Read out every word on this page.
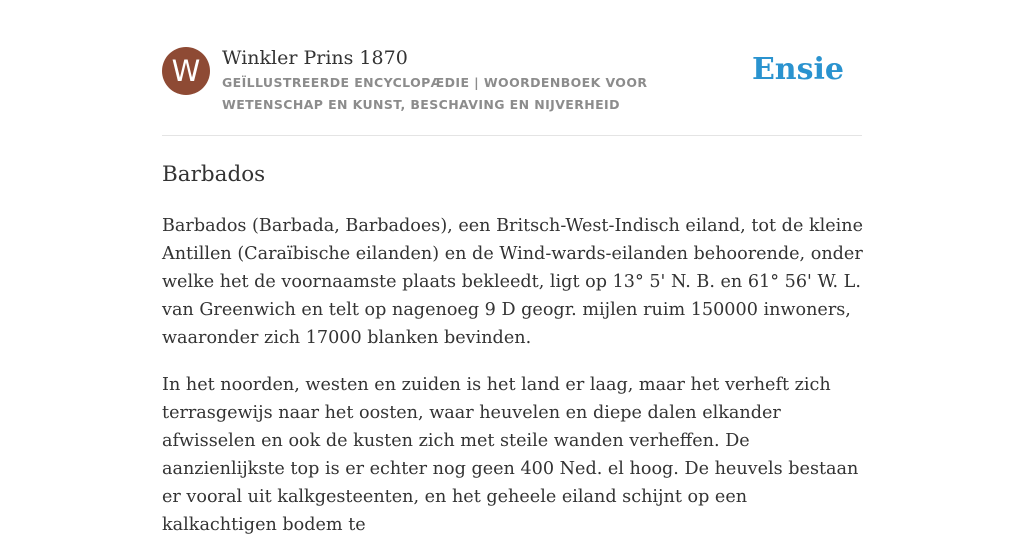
W	Winkler Prins 1870
GEÏLLUSTREERDE ENCYCLOPÆDIE | WOORDENBOEK VOOR WETENSCHAP EN KUNST, BESCHAVING EN NIJVERHEID
Ensie
Barbados

Barbados (Barbada, Barbadoes), een Britsch-West-Indisch eiland, tot de kleine Antillen (Caraïbische eilanden) en de Wind-wards-eilanden behoorende, onder welke het de voornaamste plaats bekleedt, ligt op 13° 5' N. B. en 61° 56' W. L. van Greenwich en telt op nagenoeg 9 D geogr. mijlen ruim 150000 inwoners, waaronder zich 17000 blanken bevinden.

In het noorden, westen en zuiden is het land er laag, maar het verheft zich terrasgewijs naar het oosten, waar heuvelen en diepe dalen elkander afwisselen en ook de kusten zich met steile wanden verheffen. De aanzienlijkste top is er echter nog geen 400 Ned. el hoog. De heuvels bestaan er vooral uit kalkgesteenten, en het geheele eiland schijnt op een kalkachtigen bodem te
